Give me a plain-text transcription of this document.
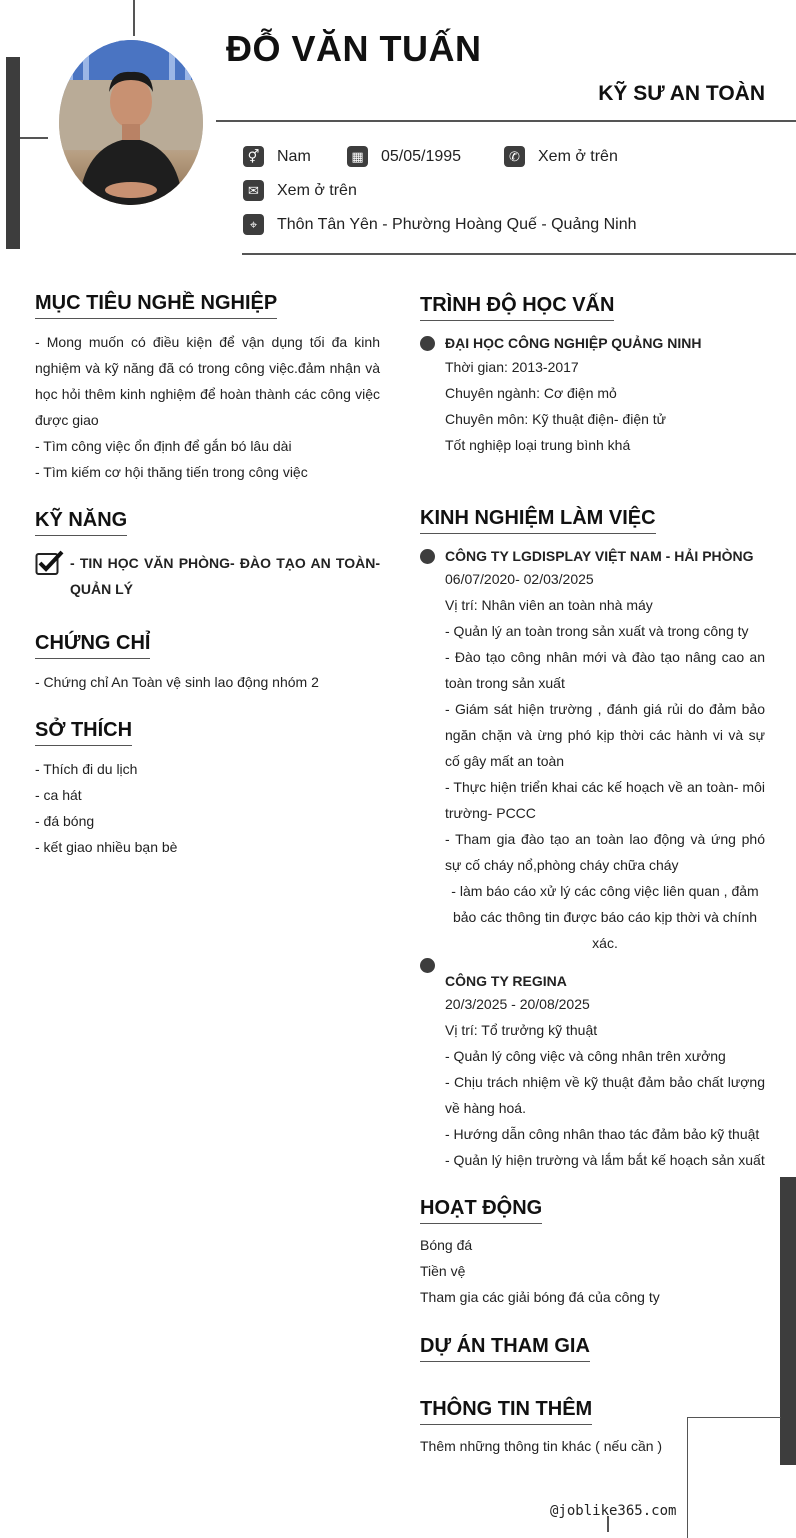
ĐỖ VĂN TUẤN
KỸ SƯ AN TOÀN
⚥ Nam	▦ 05/05/1995	✆	Xem ở trên
✉	Xem ở trên
⌖	Thôn Tân Yên - Phường Hoàng Quế - Quảng Ninh
MỤC TIÊU NGHỀ NGHIỆP
- Mong muốn có điều kiện để vận dụng tối đa kinh nghiệm và kỹ năng đã có trong công việc.đảm nhận và học hỏi thêm kinh nghiệm để hoàn thành các công việc được giao
- Tìm công việc ổn định để gắn bó lâu dài
- Tìm kiếm cơ hội thăng tiến trong công việc
KỸ NĂNG
- TIN HỌC VĂN PHÒNG- ĐÀO TẠO AN TOÀN- QUẢN LÝ
CHỨNG CHỈ
- Chứng chỉ An Toàn vệ sinh lao động nhóm 2
SỞ THÍCH
- Thích đi du lịch
- ca hát
- đá bóng
- kết giao nhiều bạn bè
TRÌNH ĐỘ HỌC VẤN
ĐẠI HỌC CÔNG NGHIỆP QUẢNG NINH
Thời gian: 2013-2017
Chuyên ngành: Cơ điện mỏ
Chuyên môn: Kỹ thuật điện- điện tử
Tốt nghiệp loại trung bình khá
KINH NGHIỆM LÀM VIỆC
CÔNG TY LGDISPLAY VIỆT NAM - HẢI PHÒNG
06/07/2020- 02/03/2025
Vị trí: Nhân viên an toàn nhà máy
- Quản lý an toàn trong sản xuất và trong công ty
- Đào tạo công nhân mới và đào tạo nâng cao an toàn trong sản xuất
- Giám sát hiện trường , đánh giá rủi do đảm bảo ngăn chặn và ừng phó kịp thời các hành vi và sự cố gây mất an toàn
- Thực hiện triển khai các kế hoạch về an toàn- môi trường- PCCC
- Tham gia đào tạo an toàn lao động và ứng phó sự cố cháy nổ,phòng cháy chữa cháy
- làm báo cáo xử lý các công việc liên quan , đảm bảo các thông tin được báo cáo kịp thời và chính xác.
CÔNG TY REGINA
20/3/2025 - 20/08/2025
Vị trí: Tổ trưởng kỹ thuật
- Quản lý công việc và công nhân trên xưởng
- Chịu trách nhiệm về kỹ thuật đảm bảo chất lượng về hàng hoá.
- Hướng dẫn công nhân thao tác đảm bảo kỹ thuật
- Quản lý hiện trường và lắm bắt kế hoạch sản xuất
HOẠT ĐỘNG
Bóng đá
Tiền vệ
Tham gia các giải bóng đá của công ty
DỰ ÁN THAM GIA
THÔNG TIN THÊM
Thêm những thông tin khác ( nếu cần )
@joblike365.com
